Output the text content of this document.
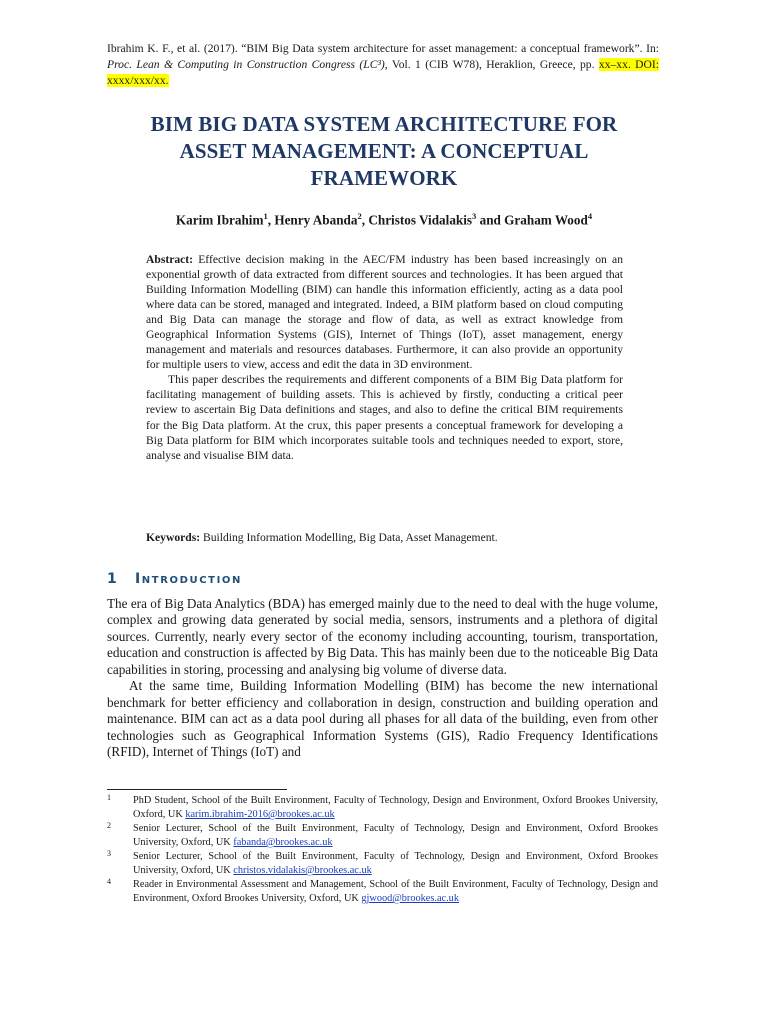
Ibrahim K. F., et al. (2017). “BIM Big Data system architecture for asset management: a conceptual framework”. In: Proc. Lean & Computing in Construction Congress (LC³), Vol. 1 (CIB W78), Heraklion, Greece, pp. xx–xx. DOI: xxxx/xxx/xx.
BIM BIG DATA SYSTEM ARCHITECTURE FOR
ASSET MANAGEMENT: A CONCEPTUAL
FRAMEWORK
Karim Ibrahim$^1$, Henry Abanda$^2$, Christos Vidalakis$^3$ and Graham Wood$^4$

Abstract: Effective decision making in the AEC/FM industry has been based increasingly on an exponential growth of data extracted from different sources and technologies. It has been argued that Building Information Modelling (BIM) can handle this information efficiently, acting as a data pool where data can be stored, managed and integrated. Indeed, a BIM platform based on cloud computing and Big Data can manage the storage and flow of data, as well as extract knowledge from Geographical Information Systems (GIS), Internet of Things (IoT), asset management, energy management and materials and resources databases. Furthermore, it can also provide an opportunity for multiple users to view, access and edit the data in 3D environment.

This paper describes the requirements and different components of a BIM Big Data platform for facilitating management of building assets. This is achieved by firstly, conducting a critical peer review to ascertain Big Data definitions and stages, and also to define the critical BIM requirements for the Big Data platform. At the crux, this paper presents a conceptual framework for developing a Big Data platform for BIM which incorporates suitable tools and techniques needed to export, store, analyse and visualise BIM data.

Keywords: Building Information Modelling, Big Data, Asset Management.
1 Introduction

The era of Big Data Analytics (BDA) has emerged mainly due to the need to deal with the huge volume, complex and growing data generated by social media, sensors, instruments and a plethora of digital sources. Currently, nearly every sector of the economy including accounting, tourism, transportation, education and construction is affected by Big Data. This has mainly been due to the noticeable Big Data capabilities in storing, processing and analysing big volume of diverse data.

At the same time, Building Information Modelling (BIM) has become the new international benchmark for better efficiency and collaboration in design, construction and building operation and maintenance. BIM can act as a data pool during all phases for all data of the building, even from other technologies such as Geographical Information Systems (GIS), Radio Frequency Identifications (RFID), Internet of Things (IoT) and

1 PhD Student, School of the Built Environment, Faculty of Technology, Design and Environment, Oxford Brookes University, Oxford, UK karim.ibrahim-2016@brookes.ac.uk
2 Senior Lecturer, School of the Built Environment, Faculty of Technology, Design and Environment, Oxford Brookes University, Oxford, UK fabanda@brookes.ac.uk
3 Senior Lecturer, School of the Built Environment, Faculty of Technology, Design and Environment, Oxford Brookes University, Oxford, UK christos.vidalakis@brookes.ac.uk
4 Reader in Environmental Assessment and Management, School of the Built Environment, Faculty of Technology, Design and Environment, Oxford Brookes University, Oxford, UK gjwood@brookes.ac.uk
